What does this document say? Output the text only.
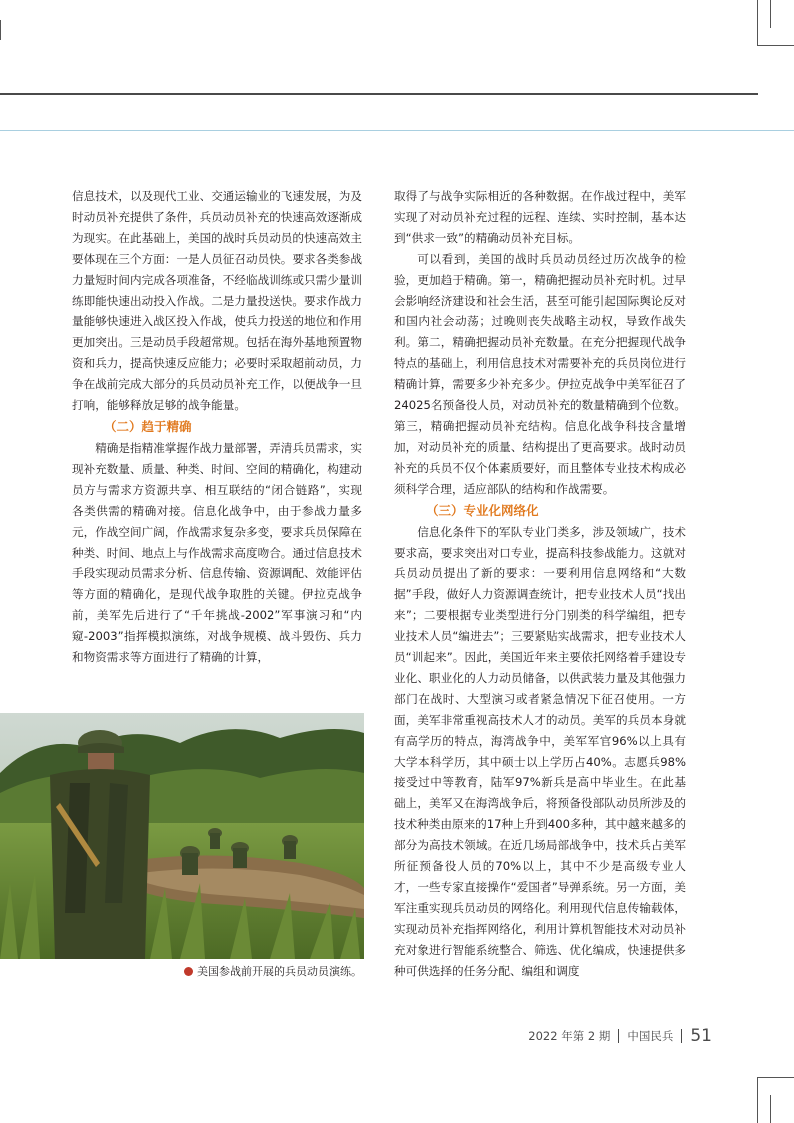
信息技术，以及现代工业、交通运输业的飞速发展，为及时动员补充提供了条件，兵员动员补充的快速高效逐渐成为现实。在此基础上，美国的战时兵员动员的快速高效主要体现在三个方面：一是人员征召动员快。要求各类参战力量短时间内完成各项准备，不经临战训练或只需少量训练即能快速出动投入作战。二是力量投送快。要求作战力量能够快速进入战区投入作战，使兵力投送的地位和作用更加突出。三是动员手段超常规。包括在海外基地预置物资和兵力，提高快速反应能力；必要时采取超前动员，力争在战前完成大部分的兵员动员补充工作，以便战争一旦打响，能够释放足够的战争能量。

（二）趋于精确

精确是指精准掌握作战力量部署，弄清兵员需求，实现补充数量、质量、种类、时间、空间的精确化，构建动员方与需求方资源共享、相互联结的“闭合链路”，实现各类供需的精确对接。信息化战争中，由于参战力量多元，作战空间广阔，作战需求复杂多变，要求兵员保障在种类、时间、地点上与作战需求高度吻合。通过信息技术手段实现动员需求分析、信息传输、资源调配、效能评估等方面的精确化，是现代战争取胜的关键。伊拉克战争前，美军先后进行了“千年挑战-2002”军事演习和“内窥-2003”指挥模拟演练，对战争规模、战斗毁伤、兵力和物资需求等方面进行了精确的计算，

美国参战前开展的兵员动员演练。

取得了与战争实际相近的各种数据。在作战过程中，美军实现了对动员补充过程的远程、连续、实时控制，基本达到“供求一致”的精确动员补充目标。

可以看到，美国的战时兵员动员经过历次战争的检验，更加趋于精确。第一，精确把握动员补充时机。过早会影响经济建设和社会生活，甚至可能引起国际舆论反对和国内社会动荡；过晚则丧失战略主动权，导致作战失利。第二，精确把握动员补充数量。在充分把握现代战争特点的基础上，利用信息技术对需要补充的兵员岗位进行精确计算，需要多少补充多少。伊拉克战争中美军征召了24025名预备役人员，对动员补充的数量精确到个位数。第三，精确把握动员补充结构。信息化战争科技含量增加，对动员补充的质量、结构提出了更高要求。战时动员补充的兵员不仅个体素质要好，而且整体专业技术构成必须科学合理，适应部队的结构和作战需要。

（三）专业化网络化

信息化条件下的军队专业门类多，涉及领域广，技术要求高，要求突出对口专业，提高科技参战能力。这就对兵员动员提出了新的要求：一要利用信息网络和“大数据”手段，做好人力资源调查统计，把专业技术人员“找出来”；二要根据专业类型进行分门别类的科学编组，把专业技术人员“编进去”；三要紧贴实战需求，把专业技术人员“训起来”。因此，美国近年来主要依托网络着手建设专业化、职业化的人力动员储备，以供武装力量及其他强力部门在战时、大型演习或者紧急情况下征召使用。一方面，美军非常重视高技术人才的动员。美军的兵员本身就有高学历的特点，海湾战争中，美军军官96%以上具有大学本科学历，其中硕士以上学历占40%。志愿兵98%接受过中等教育，陆军97%新兵是高中毕业生。在此基础上，美军又在海湾战争后，将预备役部队动员所涉及的技术种类由原来的17种上升到400多种，其中越来越多的部分为高技术领域。在近几场局部战争中，技术兵占美军所征预备役人员的70%以上，其中不少是高级专业人才，一些专家直接操作“爱国者”导弹系统。另一方面，美军注重实现兵员动员的网络化。利用现代信息传输载体，实现动员补充指挥网络化，利用计算机智能技术对动员补充对象进行智能系统整合、筛选、优化编成，快速提供多种可供选择的任务分配、编组和调度

2022 年第 2 期 中国民兵 51
